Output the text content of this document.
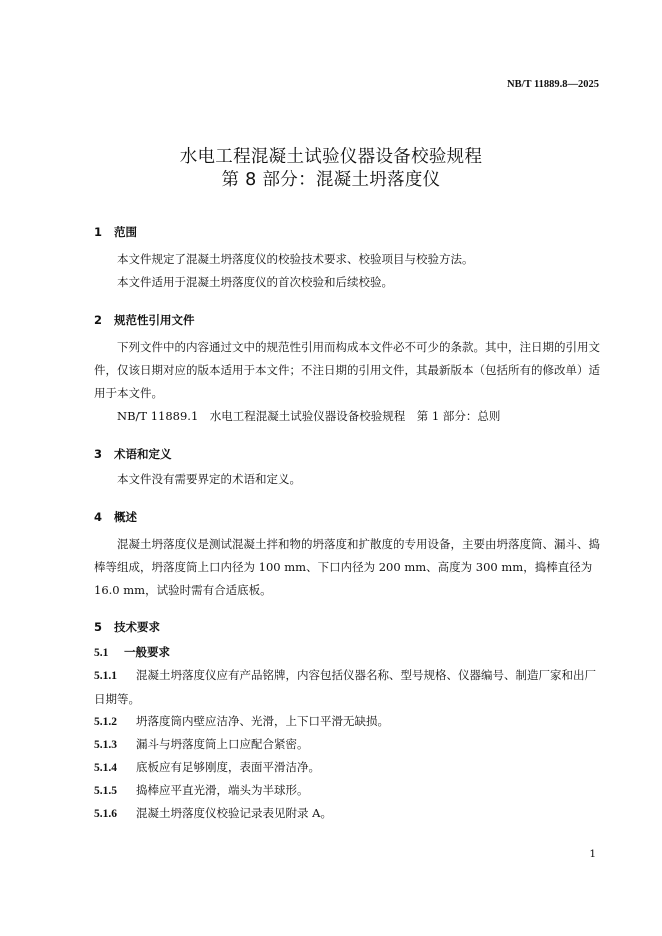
NB/T 11889.8—2025
水电工程混凝土试验仪器设备校验规程
第 8 部分：混凝土坍落度仪
1 范围

本文件规定了混凝土坍落度仪的校验技术要求、校验项目与校验方法。

本文件适用于混凝土坍落度仪的首次校验和后续校验。

2 规范性引用文件

下列文件中的内容通过文中的规范性引用而构成本文件必不可少的条款。其中，注日期的引用文件，仅该日期对应的版本适用于本文件；不注日期的引用文件，其最新版本（包括所有的修改单）适用于本文件。

NB/T 11889.1　水电工程混凝土试验仪器设备校验规程　第 1 部分：总则

3 术语和定义

本文件没有需要界定的术语和定义。

4 概述

混凝土坍落度仪是测试混凝土拌和物的坍落度和扩散度的专用设备，主要由坍落度筒、漏斗、捣棒等组成，坍落度筒上口内径为 100 mm、下口内径为 200 mm、高度为 300 mm，捣棒直径为 16.0 mm，试验时需有合适底板。

5 技术要求
5.1 一般要求
5.1.1 混凝土坍落度仪应有产品铭牌，内容包括仪器名称、型号规格、仪器编号、制造厂家和出厂日期等。
5.1.2 坍落度筒内壁应洁净、光滑，上下口平滑无缺损。
5.1.3 漏斗与坍落度筒上口应配合紧密。
5.1.4 底板应有足够刚度，表面平滑洁净。
5.1.5 捣棒应平直光滑，端头为半球形。
5.1.6 混凝土坍落度仪校验记录表见附录 A。
1
